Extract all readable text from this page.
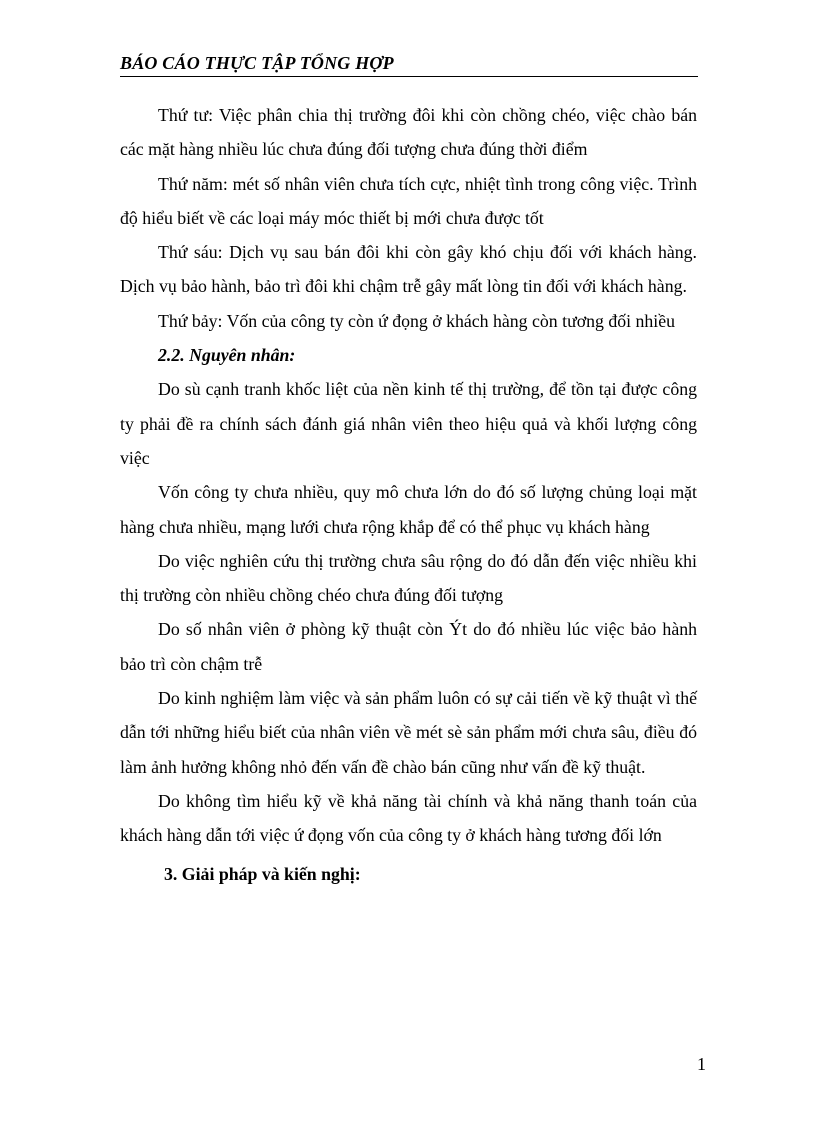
BÁO CÁO THỰC TẬP TỔNG HỢP

Thứ tư: Việc phân chia thị trường đôi khi còn chồng chéo, việc chào bán các mặt hàng nhiều lúc chưa đúng đối tượng chưa đúng thời điểm

Thứ năm: mét số nhân viên chưa tích cực, nhiệt tình trong công việc. Trình độ hiểu biết về các loại máy móc thiết bị mới chưa được tốt

Thứ sáu: Dịch vụ sau bán đôi khi còn gây khó chịu đối với khách hàng. Dịch vụ bảo hành, bảo trì đôi khi chậm trễ gây mất lòng tin đối với khách hàng.

Thứ bảy: Vốn của công ty còn ứ đọng ở khách hàng còn tương đối nhiều

2.2. Nguyên nhân:

Do sù cạnh tranh khốc liệt của nền kinh tế thị trường, để tồn tại được công ty phải đề ra chính sách đánh giá nhân viên theo hiệu quả và khối lượng công việc

Vốn công ty chưa nhiều, quy mô chưa lớn do đó số lượng chủng loại mặt hàng chưa nhiều, mạng lưới chưa rộng khắp để có thể phục vụ khách hàng

Do việc nghiên cứu thị trường chưa sâu rộng do đó dẫn đến việc nhiều khi thị trường còn nhiều chồng chéo chưa đúng đối tượng

Do số nhân viên ở phòng kỹ thuật còn Ýt do đó nhiều lúc việc bảo hành bảo trì còn chậm trễ

Do kinh nghiệm làm việc và sản phẩm luôn có sự cải tiến về kỹ thuật vì thế dẫn tới những hiểu biết của nhân viên về mét sè sản phẩm mới chưa sâu, điều đó làm ảnh hưởng không nhỏ đến vấn đề chào bán cũng như vấn đề kỹ thuật.

Do không tìm hiểu kỹ về khả năng tài chính và khả năng thanh toán của khách hàng dẫn tới việc ứ đọng vốn của công ty ở khách hàng tương đối lớn

3. Giải pháp và kiến nghị:

1
